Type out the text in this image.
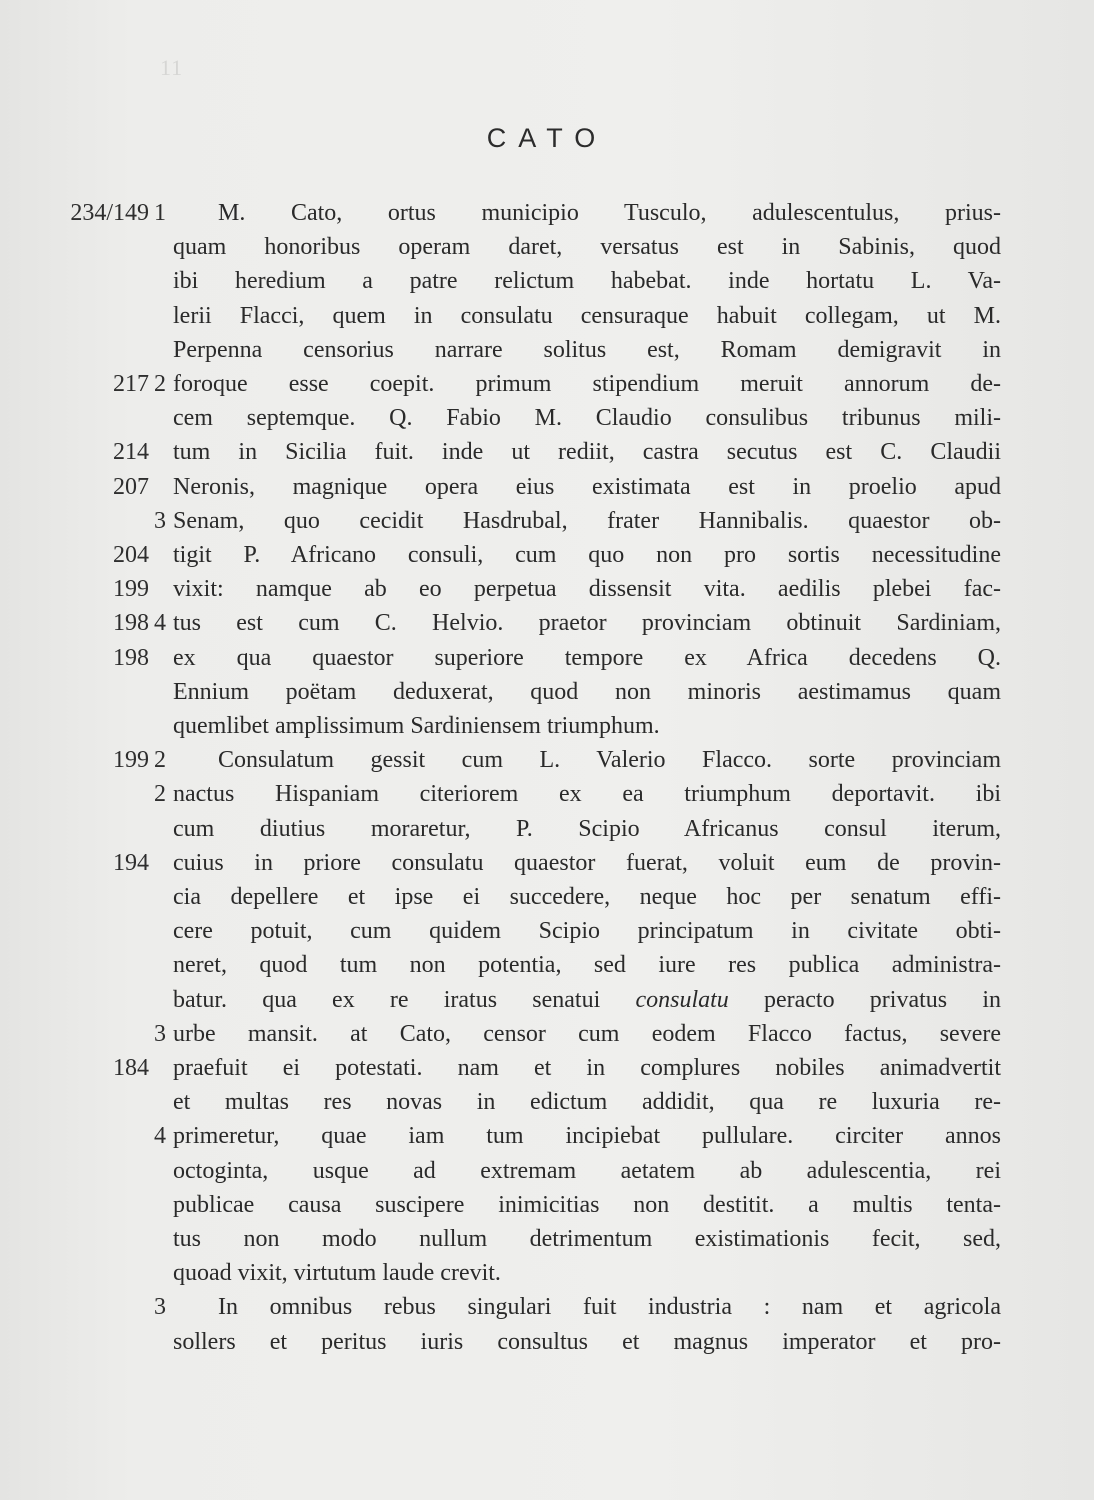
11
CATO
234/149 1 M. Cato, ortus municipio Tusculo, adulescentulus, prius-
quam honoribus operam daret, versatus est in Sabinis, quod
ibi heredium a patre relictum habebat. inde hortatu L. Va-
lerii Flacci, quem in consulatu censuraque habuit collegam, ut M.
Perpenna censorius narrare solitus est, Romam demigravit in
217 2 foroque esse coepit. primum stipendium meruit annorum de-
cem septemque. Q. Fabio M. Claudio consulibus tribunus mili-
214 tum in Sicilia fuit. inde ut rediit, castra secutus est C. Claudii
207 Neronis, magnique opera eius existimata est in proelio apud
3 Senam, quo cecidit Hasdrubal, frater Hannibalis. quaestor ob-
204 tigit P. Africano consuli, cum quo non pro sortis necessitudine
199 vixit: namque ab eo perpetua dissensit vita. aedilis plebei fac-
198 4 tus est cum C. Helvio. praetor provinciam obtinuit Sardiniam,
198 ex qua quaestor superiore tempore ex Africa decedens Q.
Ennium poëtam deduxerat, quod non minoris aestimamus quam
quemlibet amplissimum Sardiniensem triumphum.
199 2 Consulatum gessit cum L. Valerio Flacco. sorte provinciam
2 nactus Hispaniam citeriorem ex ea triumphum deportavit. ibi
cum diutius moraretur, P. Scipio Africanus consul iterum,
194 cuius in priore consulatu quaestor fuerat, voluit eum de provin-
cia depellere et ipse ei succedere, neque hoc per senatum effi-
cere potuit, cum quidem Scipio principatum in civitate obti-
neret, quod tum non potentia, sed iure res publica administra-
batur. qua ex re iratus senatui consulatu peracto privatus in
3 urbe mansit. at Cato, censor cum eodem Flacco factus, severe
184 praefuit ei potestati. nam et in complures nobiles animadvertit
et multas res novas in edictum addidit, qua re luxuria re-
4 primeretur, quae iam tum incipiebat pullulare. circiter annos
octoginta, usque ad extremam aetatem ab adulescentia, rei
publicae causa suscipere inimicitias non destitit. a multis tenta-
tus non modo nullum detrimentum existimationis fecit, sed,
quoad vixit, virtutum laude crevit.
3 In omnibus rebus singulari fuit industria : nam et agricola
sollers et peritus iuris consultus et magnus imperator et pro-
